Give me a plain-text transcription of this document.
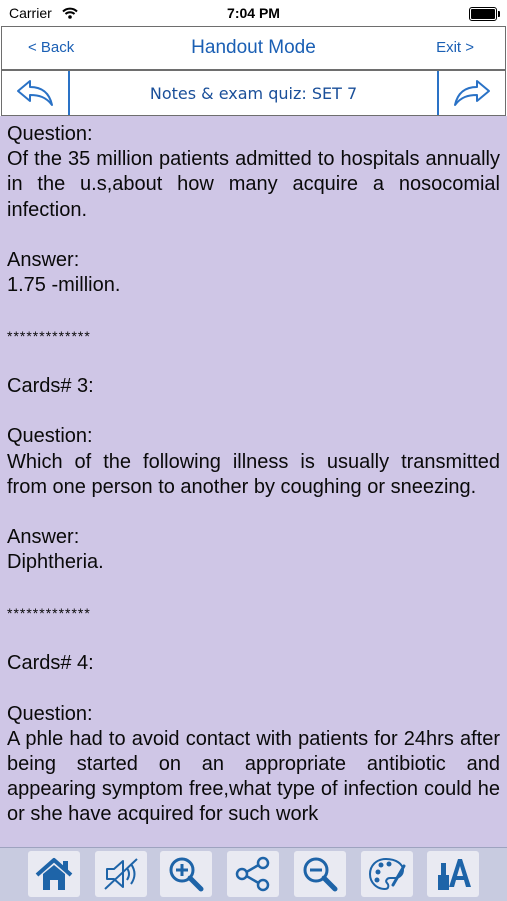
Carrier	7:04 PM
< Back	Handout Mode	Exit >
Notes & exam quiz: SET 7

Question:

Of the 35 million patients admitted to hospitals annually in the u.s,about how many acquire a nosocomial infection.

Answer:

1.75 -million.

*************

Cards# 3:

Question:

Which of the following illness is usually transmitted from one person to another by coughing or sneezing.

Answer:

Diphtheria.

*************

Cards# 4:

Question:

A phle had to avoid contact with patients for 24hrs after being started on an appropriate antibiotic and appearing symptom free,what type of infection could he or she have acquired for such work
